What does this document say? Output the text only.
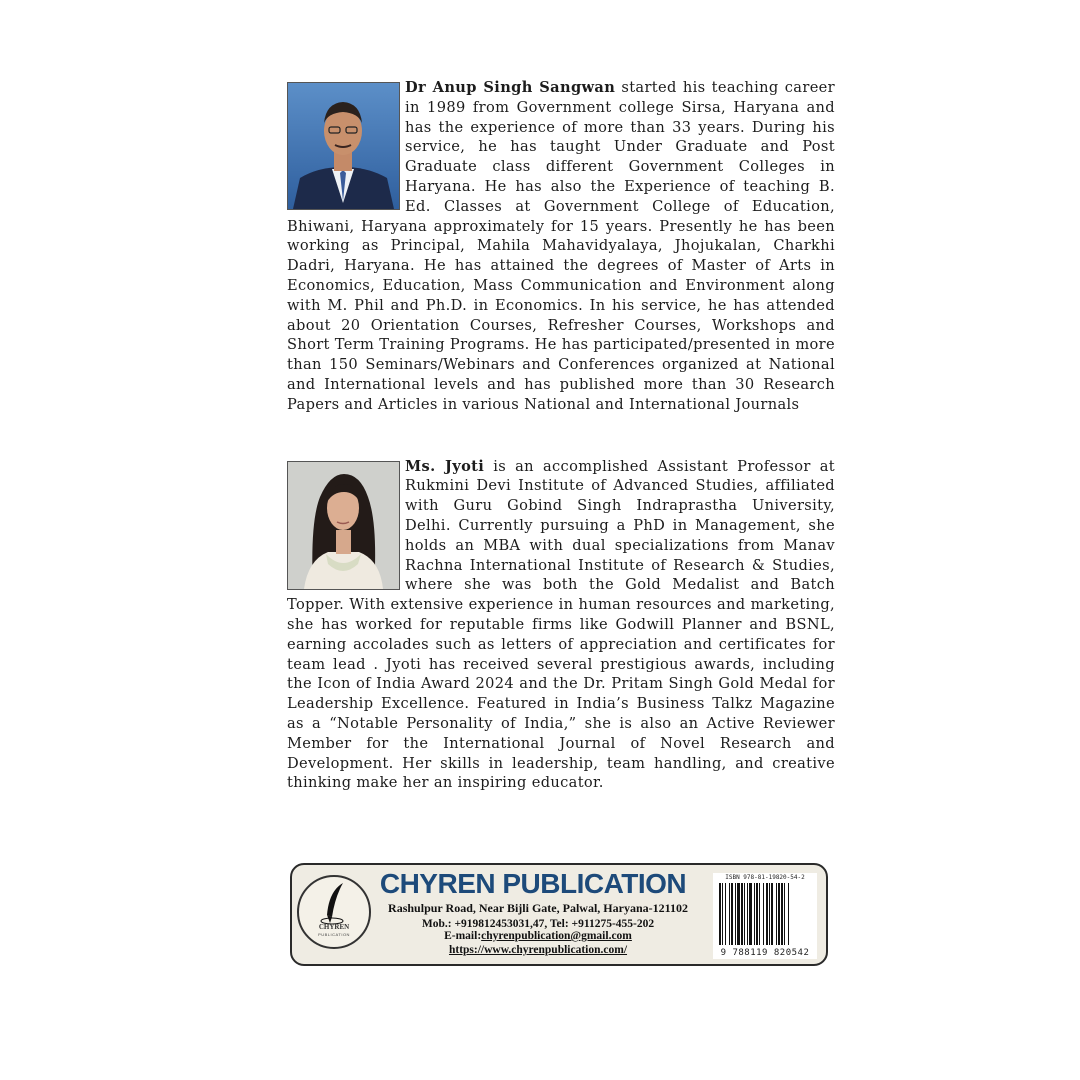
Dr Anup Singh Sangwan started his teaching career in 1989 from Government college Sirsa, Haryana and has the experience of more than 33 years. During his service, he has taught Under Graduate and Post Graduate class different Government Colleges in Haryana. He has also the Experience of teaching B. Ed. Classes at Government College of Education, Bhiwani, Haryana approximately for 15 years. Presently he has been working as Principal, Mahila Mahavidyalaya, Jhojukalan, Charkhi Dadri, Haryana. He has attained the degrees of Master of Arts in Economics, Education, Mass Communication and Environment along with M. Phil and Ph.D. in Economics. In his service, he has attended about 20 Orientation Courses, Refresher Courses, Workshops and Short Term Training Programs. He has participated/presented in more than 150 Seminars/Webinars and Conferences organized at National and International levels and has published more than 30 Research Papers and Articles in various National and International Journals
Ms. Jyoti is an accomplished Assistant Professor at Rukmini Devi Institute of Advanced Studies, affiliated with Guru Gobind Singh Indraprastha University, Delhi. Currently pursuing a PhD in Management, she holds an MBA with dual specializations from Manav Rachna International Institute of Research & Studies, where she was both the Gold Medalist and Batch Topper. With extensive experience in human resources and marketing, she has worked for reputable firms like Godwill Planner and BSNL, earning accolades such as letters of appreciation and certificates for team lead . Jyoti has received several prestigious awards, including the Icon of India Award 2024 and the Dr. Pritam Singh Gold Medal for Leadership Excellence. Featured in India’s Business Talkz Magazine as a “Notable Personality of India,” she is also an Active Reviewer Member for the International Journal of Novel Research and Development. Her skills in leadership, team handling, and creative thinking make her an inspiring educator.
CHYREN
PUBLICATION
CHYREN PUBLICATION
Rashulpur Road, Near Bijli Gate, Palwal, Haryana-121102
Mob.: +919812453031,47, Tel: +911275-455-202
E-mail:chyrenpublication@gmail.com
https://www.chyrenpublication.com/
ISBN 978-81-19820-54-2
9 788119 820542
